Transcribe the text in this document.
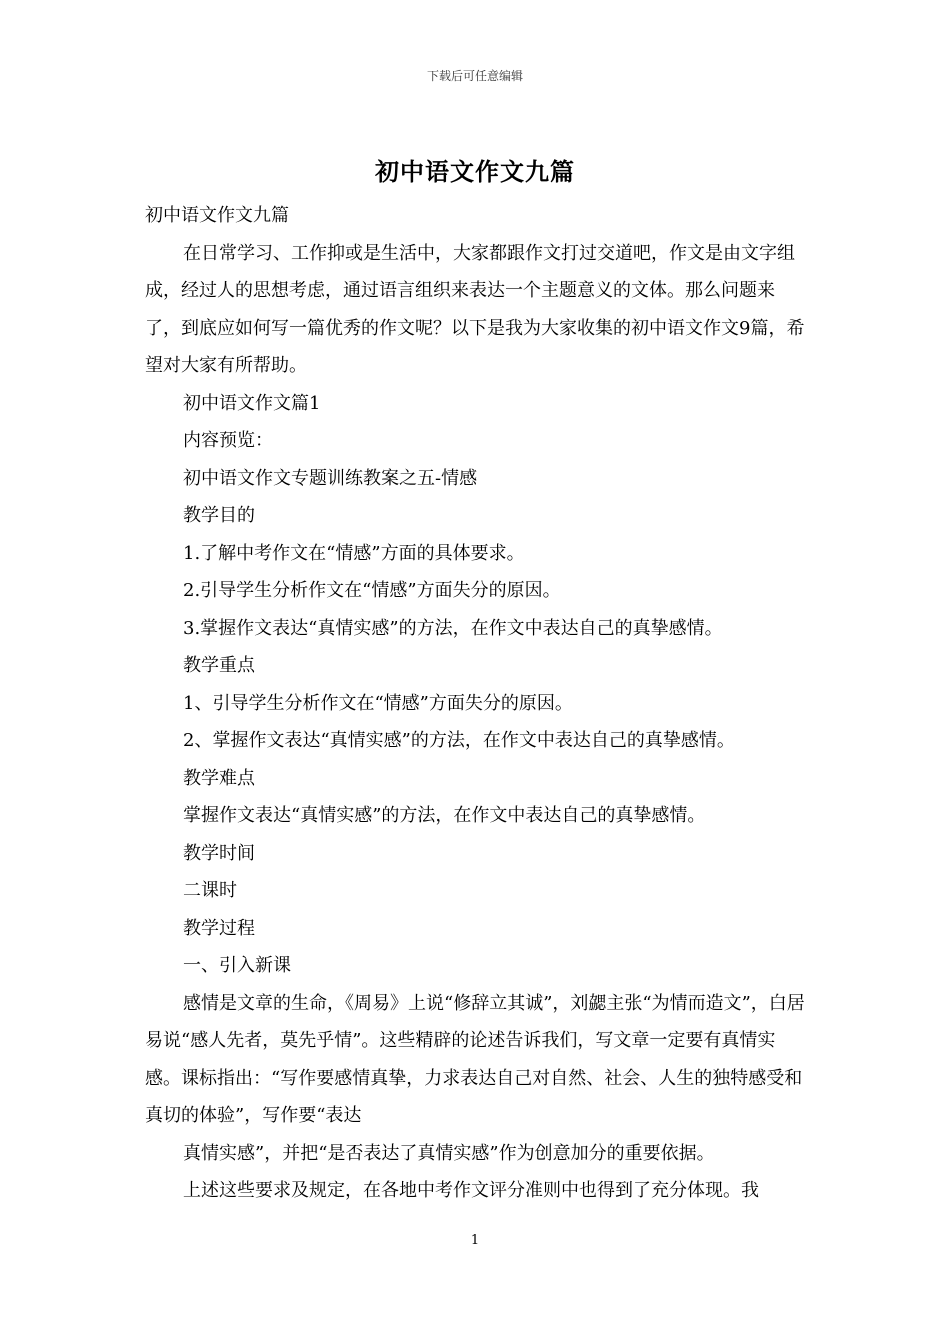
下载后可任意编辑
初中语文作文九篇

初中语文作文九篇

在日常学习、工作抑或是生活中，大家都跟作文打过交道吧，作文是由文字组成，经过人的思想考虑，通过语言组织来表达一个主题意义的文体。那么问题来了，到底应如何写一篇优秀的作文呢？以下是我为大家收集的初中语文作文9篇，希望对大家有所帮助。

初中语文作文篇1

内容预览：

初中语文作文专题训练教案之五-情感

教学目的

1.了解中考作文在“情感”方面的具体要求。

2.引导学生分析作文在“情感”方面失分的原因。

3.掌握作文表达“真情实感”的方法，在作文中表达自己的真挚感情。

教学重点

1、引导学生分析作文在“情感”方面失分的原因。

2、掌握作文表达“真情实感”的方法，在作文中表达自己的真挚感情。

教学难点

掌握作文表达“真情实感”的方法，在作文中表达自己的真挚感情。

教学时间

二课时

教学过程

一、引入新课

感情是文章的生命，《周易》上说“修辞立其诚”，刘勰主张“为情而造文”，白居易说“感人先者，莫先乎情”。这些精辟的论述告诉我们，写文章一定要有真情实感。课标指出：“写作要感情真挚，力求表达自己对自然、社会、人生的独特感受和真切的体验”，写作要“表达

真情实感”，并把“是否表达了真情实感”作为创意加分的重要依据。

上述这些要求及规定，在各地中考作文评分准则中也得到了充分体现。我

1
